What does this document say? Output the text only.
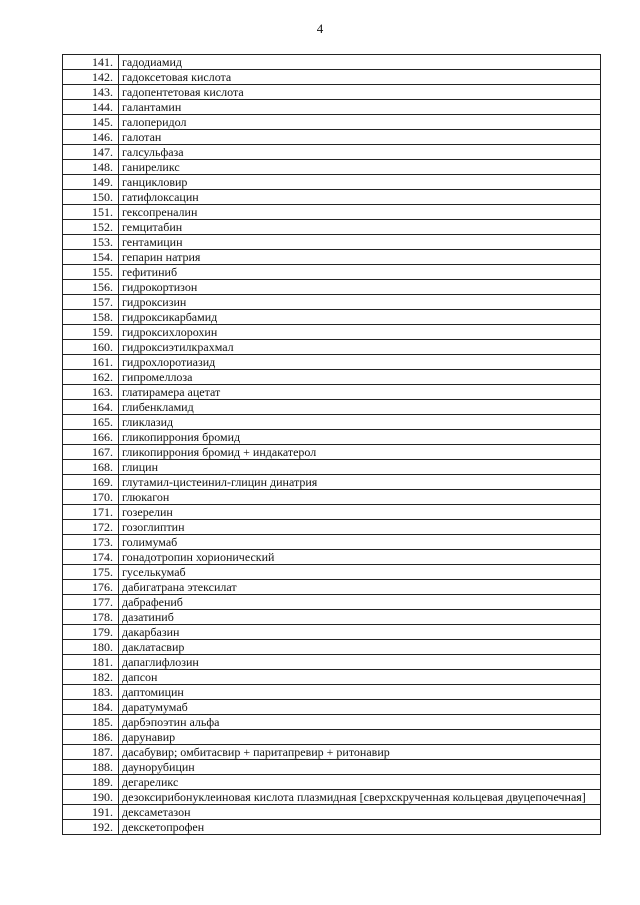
4
141.	гадодиамид
142.	гадоксетовая кислота
143.	гадопентетовая кислота
144.	галантамин
145.	галоперидол
146.	галотан
147.	галсульфаза
148.	ганиреликс
149.	ганцикловир
150.	гатифлоксацин
151.	гексопреналин
152.	гемцитабин
153.	гентамицин
154.	гепарин натрия
155.	гефитиниб
156.	гидрокортизон
157.	гидроксизин
158.	гидроксикарбамид
159.	гидроксихлорохин
160.	гидроксиэтилкрахмал
161.	гидрохлоротиазид
162.	гипромеллоза
163.	глатирамера ацетат
164.	глибенкламид
165.	гликлазид
166.	гликопиррония бромид
167.	гликопиррония бромид + индакатерол
168.	глицин
169.	глутамил-цистеинил-глицин динатрия
170.	глюкагон
171.	гозерелин
172.	гозоглиптин
173.	голимумаб
174.	гонадотропин хорионический
175.	гуселькумаб
176.	дабигатрана этексилат
177.	дабрафениб
178.	дазатиниб
179.	дакарбазин
180.	даклатасвир
181.	дапаглифлозин
182.	дапсон
183.	даптомицин
184.	даратумумаб
185.	дарбэпоэтин альфа
186.	дарунавир
187.	дасабувир; омбитасвир + паритапревир + ритонавир
188.	даунорубицин
189.	дегареликс
190.	дезоксирибонуклеиновая кислота плазмидная [сверхскрученная кольцевая двуцепочечная]
191.	дексаметазон
192.	декскетопрофен
